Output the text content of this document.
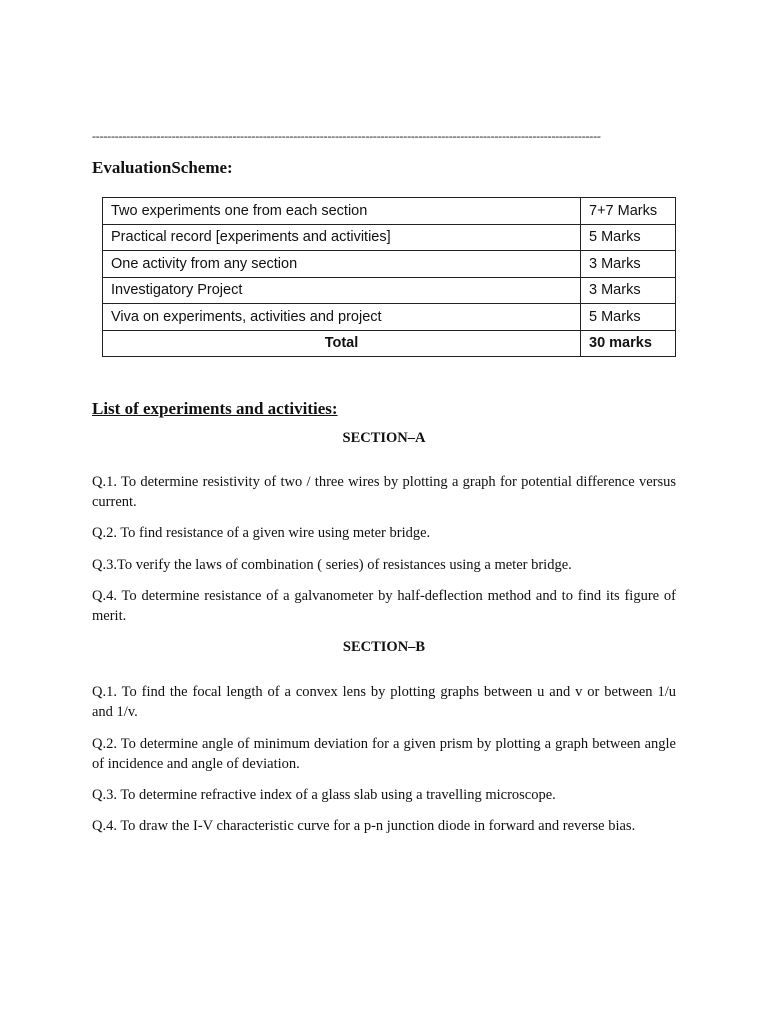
--------------------------------------------------------------------------------------------------------------------------------------
EvaluationScheme:
Two experiments one from each section	7+7 Marks
Practical record [experiments and activities]	5 Marks
One activity from any section	3 Marks
Investigatory Project	3 Marks
Viva on experiments, activities and project	5 Marks
Total	30 marks
List of experiments and activities:
SECTION–A
Q.1. To determine resistivity of two / three wires by plotting a graph for potential difference versus current.
Q.2. To find resistance of a given wire using meter bridge.
Q.3.To verify the laws of combination ( series) of resistances using a meter bridge.
Q.4. To determine resistance of a galvanometer by half-deflection method and to find its figure of merit.
SECTION–B
Q.1. To find the focal length of a convex lens by plotting graphs between u and v or between 1/u and 1/v.
Q.2. To determine angle of minimum deviation for a given prism by plotting a graph between angle of incidence and angle of deviation.
Q.3. To determine refractive index of a glass slab using a travelling microscope.
Q.4. To draw the I-V characteristic curve for a p-n junction diode in forward and reverse bias.
